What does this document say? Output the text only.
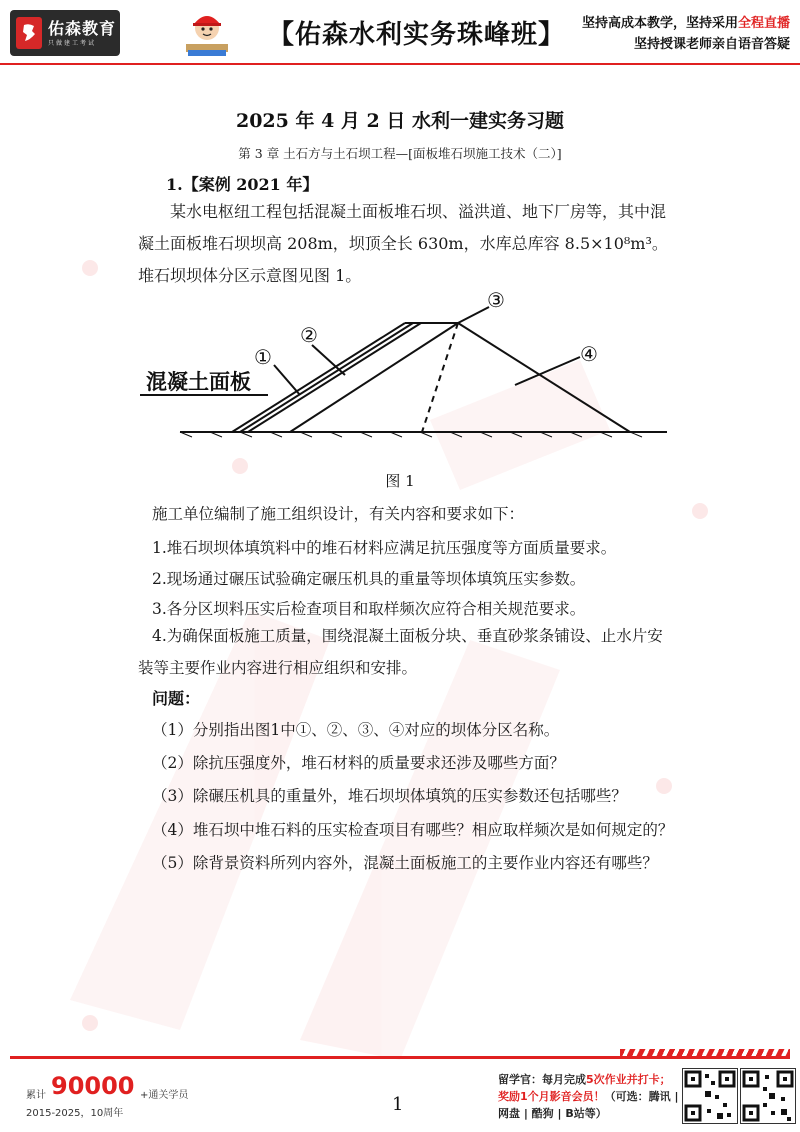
佑森教育
只做建工考试	【佑森水利实务珠峰班】 坚持高成本教学，坚持采用全程直播
坚持授课老师亲自语音答疑
2025 年 4 月 2 日 水利一建实务习题
第 3 章 土石方与土石坝工程—[面板堆石坝施工技术（二）]
1.【案例 2021 年】
某水电枢纽工程包括混凝土面板堆石坝、溢洪道、地下厂房等，其中混凝土面板堆石坝坝高 208m，坝顶全长 630m，水库总库容 8.5×10⁸m³。堆石坝坝体分区示意图见图 1。
混凝土面板
①
②
③
④
图 1
施工单位编制了施工组织设计，有关内容和要求如下：
1.堆石坝坝体填筑料中的堆石材料应满足抗压强度等方面质量要求。
2.现场通过碾压试验确定碾压机具的重量等坝体填筑压实参数。
3.各分区坝料压实后检查项目和取样频次应符合相关规范要求。
4.为确保面板施工质量，围绕混凝土面板分块、垂直砂浆条铺设、止水片安装等主要作业内容进行相应组织和安排。
问题：
（1）分别指出图1中①、②、③、④对应的坝体分区名称。
（2）除抗压强度外，堆石材料的质量要求还涉及哪些方面？
（3）除碾压机具的重量外，堆石坝坝体填筑的压实参数还包括哪些？
（4）堆石坝中堆石料的压实检查项目有哪些？相应取样频次是如何规定的？
（5）除背景资料所列内容外，混凝土面板施工的主要作业内容还有哪些？
累计 90000 +通关学员
2015-2025，10周年	1
留学官：每月完成5次作业并打卡；
奖励1个月影音会员！（可选：腾讯 |
网盘 | 酷狗 | B站等）
